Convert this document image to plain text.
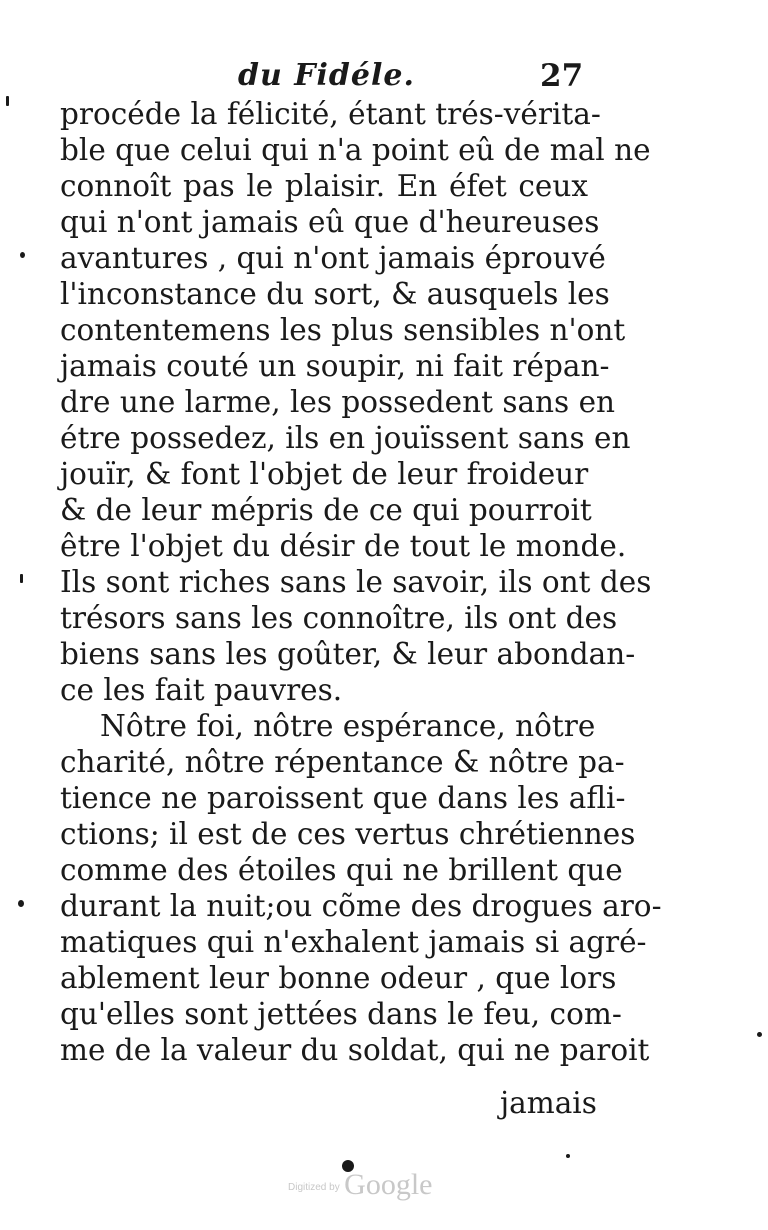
du Fidéle.	27
procéde la félicité, étant trés-vérita-
ble que celui qui n'a point eû de mal ne
connoît pas le plaisir. En éfet ceux
qui n'ont jamais eû que d'heureuses
avantures , qui n'ont jamais éprouvé
l'inconstance du sort, & ausquels les
contentemens les plus sensibles n'ont
jamais couté un soupir, ni fait répan-
dre une larme, les possedent sans en
étre possedez, ils en jouïssent sans en
jouïr, & font l'objet de leur froideur
& de leur mépris de ce qui pourroit
être l'objet du désir de tout le monde.
Ils sont riches sans le savoir, ils ont des
trésors sans les connoître, ils ont des
biens sans les goûter, & leur abondan-
ce les fait pauvres.
Nôtre foi, nôtre espérance, nôtre
charité, nôtre répentance & nôtre pa-
tience ne paroissent que dans les afli-
ctions; il est de ces vertus chrétiennes
comme des étoiles qui ne brillent que
durant la nuit;ou cõme des drogues aro-
matiques qui n'exhalent jamais si agré-
ablement leur bonne odeur , que lors
qu'elles sont jettées dans le feu, com-
me de la valeur du soldat, qui ne paroit
jamais
$^{Digitized by}$ Google
